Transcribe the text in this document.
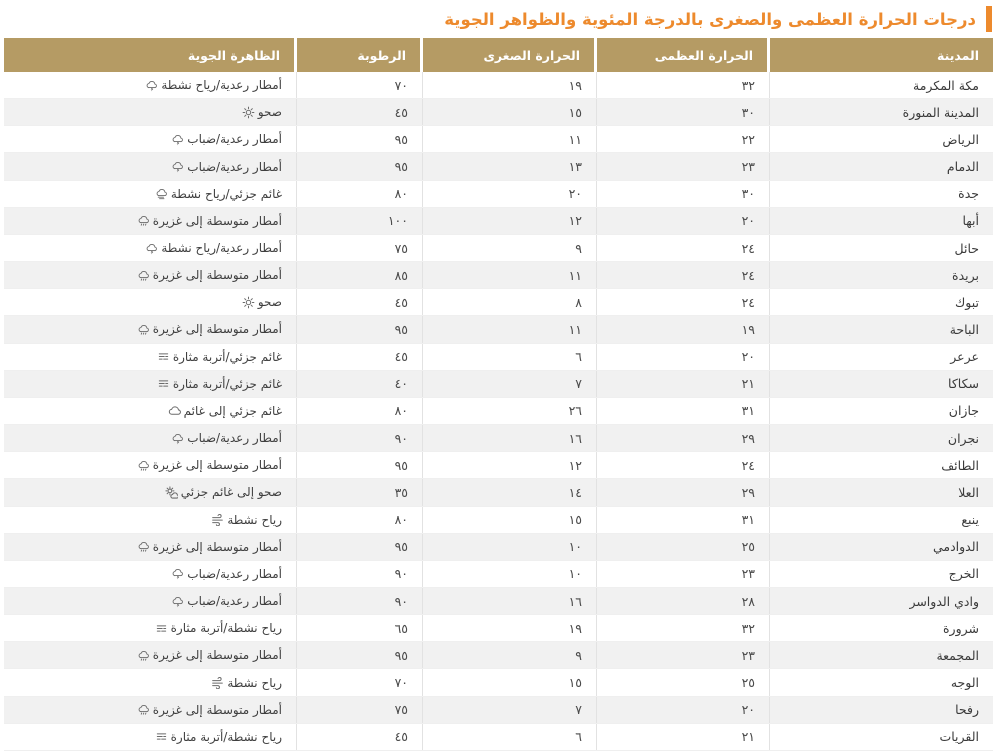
درجات الحرارة العظمى والصغرى بالدرجة المئوية والظواهر الجوية
المدينة
الحرارة العظمى
الحرارة الصغرى
الرطوبة
الظاهرة الجوية
مكة المكرمة
٣٢
١٩
٧٠
أمطار رعدية/رياح نشطة
المدينة المنورة
٣٠
١٥
٤٥
صحو
الرياض
٢٢
١١
٩٥
أمطار رعدية/ضباب
الدمام
٢٣
١٣
٩٥
أمطار رعدية/ضباب
جدة
٣٠
٢٠
٨٠
غائم جزئي/رياح نشطة
أبها
٢٠
١٢
١٠٠
أمطار متوسطة إلى غزيرة
حائل
٢٤
٩
٧٥
أمطار رعدية/رياح نشطة
بريدة
٢٤
١١
٨٥
أمطار متوسطة إلى غزيرة
تبوك
٢٤
٨
٤٥
صحو
الباحة
١٩
١١
٩٥
أمطار متوسطة إلى غزيرة
عرعر
٢٠
٦
٤٥
غائم جزئي/أتربة مثارة
سكاكا
٢١
٧
٤٠
غائم جزئي/أتربة مثارة
جازان
٣١
٢٦
٨٠
غائم جزئي إلى غائم
نجران
٢٩
١٦
٩٠
أمطار رعدية/ضباب
الطائف
٢٤
١٢
٩٥
أمطار متوسطة إلى غزيرة
العلا
٢٩
١٤
٣٥
صحو إلى غائم جزئي
ينبع
٣١
١٥
٨٠
رياح نشطة
الدوادمي
٢٥
١٠
٩٥
أمطار متوسطة إلى غزيرة
الخرج
٢٣
١٠
٩٠
أمطار رعدية/ضباب
وادي الدواسر
٢٨
١٦
٩٠
أمطار رعدية/ضباب
شرورة
٣٢
١٩
٦٥
رياح نشطة/أتربة مثارة
المجمعة
٢٣
٩
٩٥
أمطار متوسطة إلى غزيرة
الوجه
٢٥
١٥
٧٠
رياح نشطة
رفحا
٢٠
٧
٧٥
أمطار متوسطة إلى غزيرة
القريات
٢١
٦
٤٥
رياح نشطة/أتربة مثارة
